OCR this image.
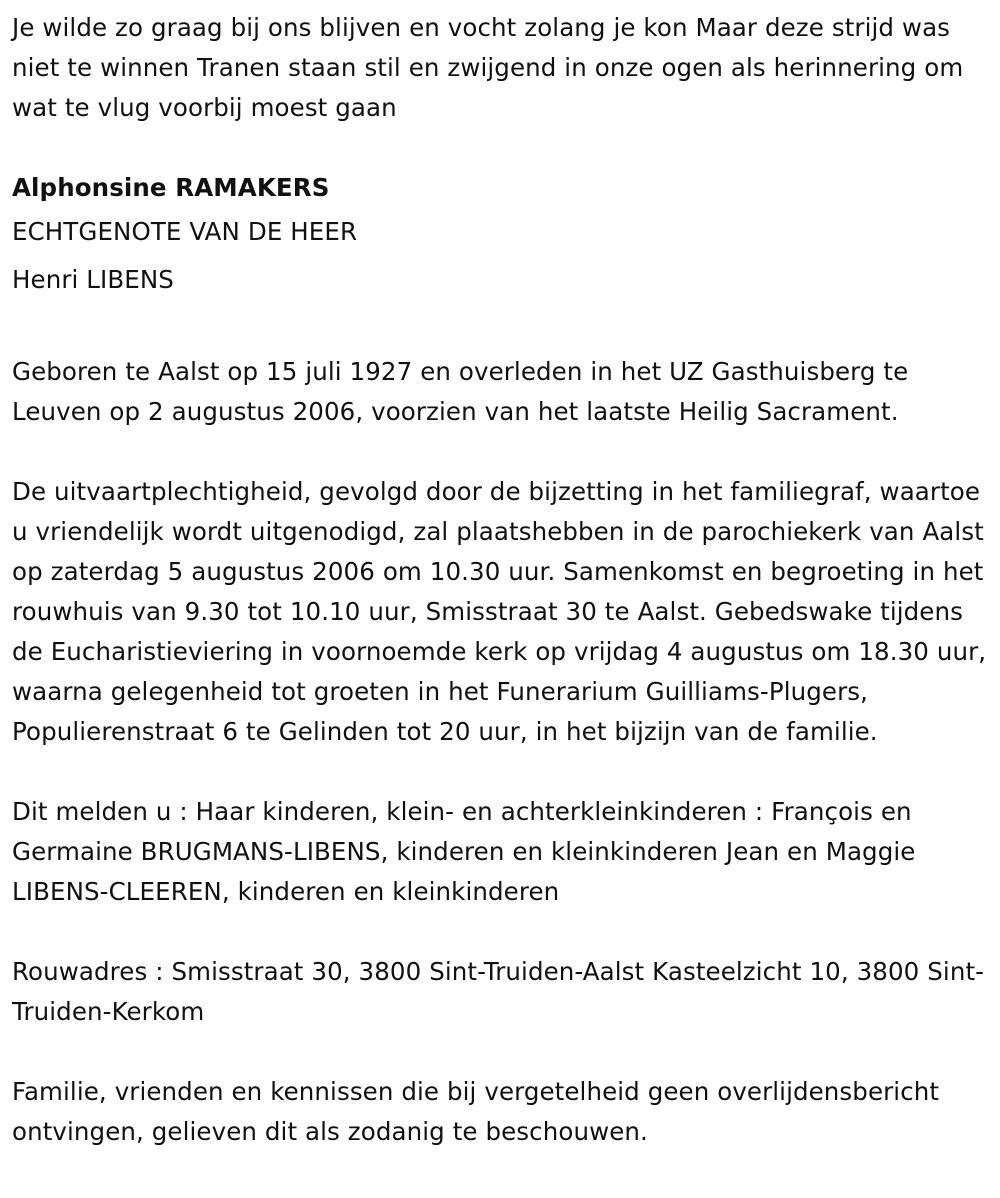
Je wilde zo graag bij ons blijven en vocht zolang je kon Maar deze strijd was niet te winnen Tranen staan stil en zwijgend in onze ogen als herinnering om wat te vlug voorbij moest gaan

Alphonsine RAMAKERS

ECHTGENOTE VAN DE HEER

Henri LIBENS

Geboren te Aalst op 15 juli 1927 en overleden in het UZ Gasthuisberg te Leuven op 2 augustus 2006, voorzien van het laatste Heilig Sacrament.

De uitvaartplechtigheid, gevolgd door de bijzetting in het familiegraf, waartoe u vriendelijk wordt uitgenodigd, zal plaatshebben in de parochiekerk van Aalst op zaterdag 5 augustus 2006 om 10.30 uur. Samenkomst en begroeting in het rouwhuis van 9.30 tot 10.10 uur, Smisstraat 30 te Aalst. Gebedswake tijdens de Eucharistieviering in voornoemde kerk op vrijdag 4 augustus om 18.30 uur, waarna gelegenheid tot groeten in het Funerarium Guilliams-Plugers, Populierenstraat 6 te Gelinden tot 20 uur, in het bijzijn van de familie.

Dit melden u : Haar kinderen, klein- en achterkleinkinderen : François en Germaine BRUGMANS-LIBENS, kinderen en kleinkinderen Jean en Maggie LIBENS-CLEEREN, kinderen en kleinkinderen

Rouwadres : Smisstraat 30, 3800 Sint-Truiden-Aalst Kasteelzicht 10, 3800 Sint-Truiden-Kerkom

Familie, vrienden en kennissen die bij vergetelheid geen overlijdensbericht ontvingen, gelieven dit als zodanig te beschouwen.
